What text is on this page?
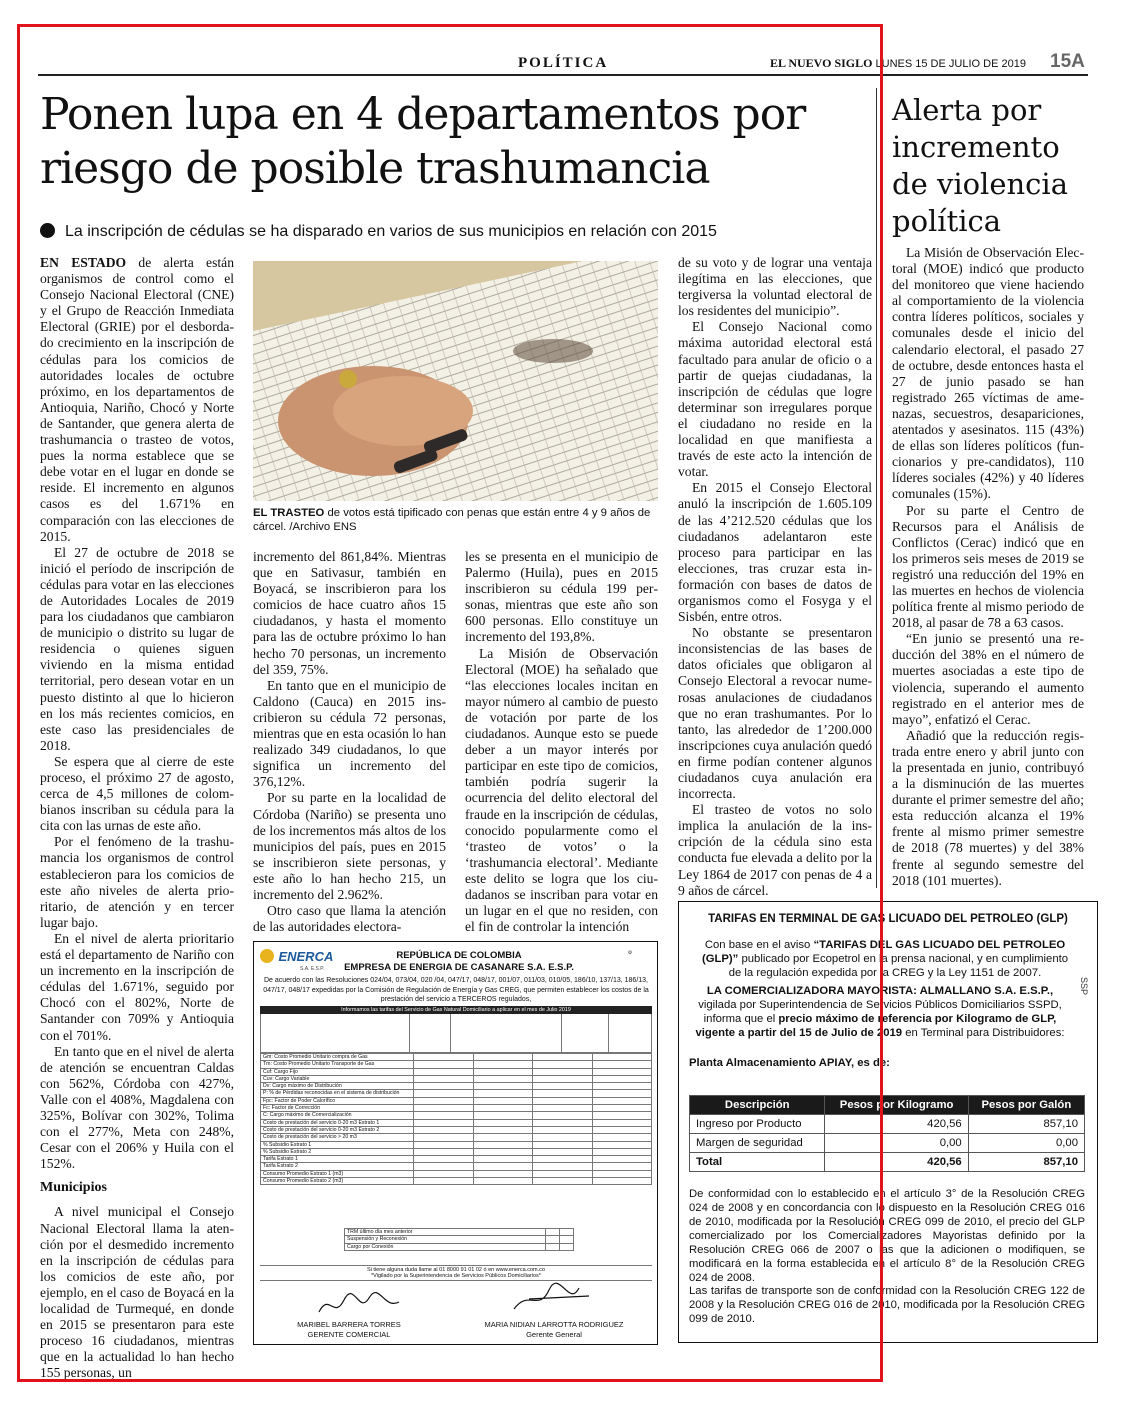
POLÍTICA	EL NUEVO SIGLO LUNES 15 DE JULIO DE 2019 15A
Ponen lupa en 4 departamentos por riesgo de posible trashumancia
La inscripción de cédulas se ha disparado en varios de sus municipios en relación con 2015

EN ESTADO de alerta están organismos de control como el Consejo Nacional Electoral (CNE) y el Grupo de Reacción Inmediata Electoral (GRIE) por el desbordado crecimiento en la inscripción de cédulas para los comicios de autoridades locales de octubre próximo, en los departamentos de Antioquia, Nariño, Chocó y Norte de Santander, que genera alerta de trashumancia o trasteo de votos, pues la norma establece que se debe votar en el lugar en donde se reside. El incremento en algunos casos es del 1.671% en comparación con las elecciones de 2015.

El 27 de octubre de 2018 se inició el período de inscripción de cédulas para votar en las elecciones de Autoridades Locales de 2019 para los ciudadanos que cambiaron de municipio o distrito su lugar de residencia o quienes siguen viviendo en la misma entidad territorial, pero desean votar en un puesto distinto al que lo hicieron en los más recientes comicios, en este caso las presidenciales de 2018.

Se espera que al cierre de este proceso, el próximo 27 de agosto, cerca de 4,5 millones de colombianos inscriban su cédula para la cita con las urnas de este año.

Por el fenómeno de la trashumancia los organismos de control establecieron para los comicios de este año niveles de alerta prioritario, de atención y en tercer lugar bajo.

En el nivel de alerta prioritario está el departamento de Nariño con un incremento en la inscripción de cédulas del 1.671%, seguido por Chocó con el 802%, Norte de Santander con 709% y Antioquia con el 701%.

En tanto que en el nivel de alerta de atención se encuentran Caldas con 562%, Córdoba con 427%, Valle con el 408%, Magdalena con 325%, Bolívar con 302%, Tolima con el 277%, Meta con 248%, Cesar con el 206% y Huila con el 152%.

Municipios

A nivel municipal el Consejo Nacional Electoral llama la atención por el desmedido incremento en la inscripción de cédulas para los comicios de este año, por ejemplo, en el caso de Boyacá en la localidad de Turmequé, en donde en 2015 se presentaron para este proceso 16 ciudadanos, mientras que en la actualidad lo han hecho 155 personas, un

EL TRASTEO de votos está tipificado con penas que están entre 4 y 9 años de cárcel. /Archivo ENS

incremento del 861,84%. Mientras que en Sativasur, también en Boyacá, se inscribieron para los comicios de hace cuatro años 15 ciudadanos, y hasta el momento para las de octubre próximo lo han hecho 70 personas, un incremento del 359, 75%.

En tanto que en el municipio de Caldono (Cauca) en 2015 inscribieron su cédula 72 personas, mientras que en esta ocasión lo han realizado 349 ciudadanos, lo que significa un incremento del 376,12%.

Por su parte en la localidad de Córdoba (Nariño) se presenta uno de los incrementos más altos de los municipios del país, pues en 2015 se inscribieron siete personas, y este año lo han hecho 215, un incremento del 2.962%.

Otro caso que llama la atención de las autoridades electora-

les se presenta en el municipio de Palermo (Huila), pues en 2015 inscribieron su cédula 199 personas, mientras que este año son 600 personas. Ello constituye un incremento del 193,8%.

La Misión de Observación Electoral (MOE) ha señalado que “las elecciones locales incitan en mayor número al cambio de puesto de votación por parte de los ciudadanos. Aunque esto se puede deber a un mayor interés por participar en este tipo de comicios, también podría sugerir la ocurrencia del delito electoral del fraude en la inscripción de cédulas, conocido popularmente como el ‘trasteo de votos’ o la ‘trashumancia electoral’. Mediante este delito se logra que los ciudadanos se inscriban para votar en un lugar en el que no residen, con el fin de controlar la intención

de su voto y de lograr una ventaja ilegítima en las elecciones, que tergiversa la voluntad electoral de los residentes del municipio”.

El Consejo Nacional como máxima autoridad electoral está facultado para anular de oficio o a partir de quejas ciudadanas, la inscripción de cédulas que logre determinar son irregulares porque el ciudadano no reside en la localidad en que manifiesta a través de este acto la intención de votar.

En 2015 el Consejo Electoral anuló la inscripción de 1.605.109 de las 4’212.520 cédulas que los ciudadanos adelantaron este proceso para participar en las elecciones, tras cruzar esta información con bases de datos de organismos como el Fosyga y el Sisbén, entre otros.

No obstante se presentaron inconsistencias de las bases de datos oficiales que obligaron al Consejo Electoral a revocar numerosas anulaciones de ciudadanos que no eran trashumantes. Por lo tanto, las alrededor de 1’200.000 inscripciones cuya anulación quedó en firme podían contener algunos ciudadanos cuya anulación era incorrecta.

El trasteo de votos no solo implica la anulación de la inscripción de la cédula sino esta conducta fue elevada a delito por la Ley 1864 de 2017 con penas de 4 a 9 años de cárcel.

Alerta por incremento de violencia política

La Misión de Observación Electoral (MOE) indicó que producto del monitoreo que viene haciendo al comportamiento de la violencia contra líderes políticos, sociales y comunales desde el inicio del calendario electoral, el pasado 27 de octubre, desde entonces hasta el 27 de junio pasado se han registrado 265 víctimas de amenazas, secuestros, desapariciones, atentados y asesinatos. 115 (43%) de ellas son líderes políticos (funcionarios y pre-candidatos), 110 líderes sociales (42%) y 40 líderes comunales (15%).

Por su parte el Centro de Recursos para el Análisis de Conflictos (Cerac) indicó que en los primeros seis meses de 2019 se registró una reducción del 19% en las muertes en hechos de violencia política frente al mismo periodo de 2018, al pasar de 78 a 63 casos.

“En junio se presentó una reducción del 38% en el número de muertes asociadas a este tipo de violencia, superando el aumento registrado en el anterior mes de mayo”, enfatizó el Cerac.

Añadió que la reducción registrada entre enero y abril junto con la presentada en junio, contribuyó a la disminución de las muertes durante el primer semestre del año; esta reducción alcanza el 19% frente al mismo primer semestre de 2018 (78 muertes) y del 38% frente al segundo semestre del 2018 (101 muertes).

ENERCA
S.A. E.S.P.
⚙
REPÚBLICA DE COLOMBIA
EMPRESA DE ENERGIA DE CASANARE S.A. E.S.P.
De acuerdo con las Resoluciones 024/04, 073/04, 020 /04, 047/17, 048/17, 001/07, 011/03, 010/05, 186/10, 137/13, 186/13, 047/17, 048/17 expedidas por la Comisión de Regulación de Energía y Gas CREG, que permiten establecer los costos de la prestación del servicio a TERCEROS regulados,
Informamos las tarifas del Servicio de Gas Natural Domiciliario a aplicar en el mes de Julio 2019
Gm: Costo Promedio Unitario compra de Gas				
Tm: Costo Promedio Unitario Transporte de Gas				
Cuf: Cargo Fijo				
Cuv: Cargo Variable				
Dv: Cargo máximo de Distribución				
P: % de Pérdidas reconocidas en el sistema de distribución				
Fpc: Factor de Poder Calorífico				
Fc: Factor de Corrección				
C: Cargo máximo de Comercialización				
Costo de prestación del servicio 0-20 m3 Estrato 1				
Costo de prestación del servicio 0-20 m3 Estrato 2				
Costo de prestación del servicio > 20 m3				
% Subsidio Estrato 1				
% Subsidio Estrato 2				
Tarifa Estrato 1				
Tarifa Estrato 2				
Consumo Promedio Estrato 1 (m3)				
Consumo Promedio Estrato 2 (m3)				
TRM último día mes anterior		
Suspensión y Reconexión		
Cargo por Conexión		
Si tiene alguna duda llame al 01 8000 91 01 02 ó en www.enerca.com.co
*Vigilado por la Superintendencia de Servicios Públicos Domiciliarios*
MARIBEL BARRERA TORRES
GERENTE COMERCIAL
MARIA NIDIAN LARROTTA RODRIGUEZ
Gerente General
TARIFAS EN TERMINAL DE GAS LICUADO DEL PETROLEO (GLP)
Con base en el aviso “TARIFAS DEL GAS LICUADO DEL PETROLEO (GLP)” publicado por Ecopetrol en la prensa nacional, y en cumplimiento de la regulación expedida por la CREG y la Ley 1151 de 2007.
LA COMERCIALIZADORA MAYORISTA: ALMALLANO S.A. E.S.P., vigilada por Superintendencia de Servicios Públicos Domiciliarios SSPD, informa que el precio máximo de referencia por Kilogramo de GLP, vigente a partir del 15 de Julio de 2019 en Terminal para Distribuidores:
SSP
Planta Almacenamiento APIAY, es de:
Descripción	Pesos por Kilogramo	Pesos por Galón
Ingreso por Producto	420,56	857,10
Margen de seguridad	0,00	0,00
Total	420,56	857,10
De conformidad con lo establecido en el artículo 3° de la Resolución CREG 024 de 2008 y en concordancia con lo dispuesto en la Resolución CREG 016 de 2010, modificada por la Resolución CREG 099 de 2010, el precio del GLP comercializado por los Comercializadores Mayoristas definido por la Resolución CREG 066 de 2007 o las que la adicionen o modifiquen, se modificará en la forma establecida en el artículo 8° de la Resolución CREG 024 de 2008.
Las tarifas de transporte son de conformidad con la Resolución CREG 122 de 2008 y la Resolución CREG 016 de 2010, modificada por la Resolución CREG 099 de 2010.
